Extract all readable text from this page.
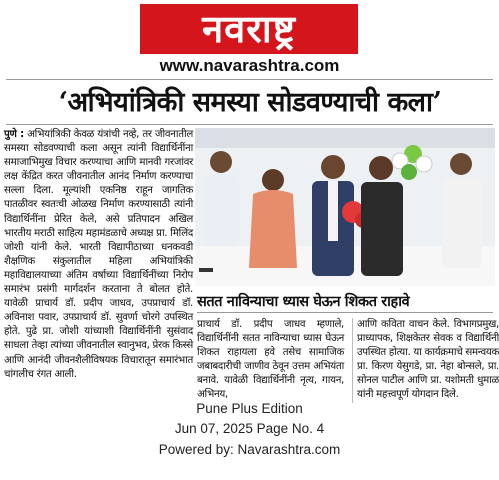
नवराष्ट्र
www.navarashtra.com
‘अभियांत्रिकी समस्या सोडवण्याची कला’
पुणे : अभियांत्रिकी केवळ यंत्रांची नव्हे, तर जीवनातील समस्या सोडवण्याची कला असून त्यांनी विद्यार्थिनींना समाजाभिमुख विचार करण्याचा आणि मानवी गरजांवर लक्ष केंद्रित करत जीवनातील आनंद निर्माण करण्याचा सल्ला दिला. मूल्यांशी एकनिष्ठ राहून जागतिक पातळीवर स्वतःची ओळख निर्माण करण्यासाठी त्यांनी विद्यार्थिनींना प्रेरित केले, असे प्रतिपादन अखिल भारतीय मराठी साहित्य महामंडळाचे अध्यक्ष प्रा. मिलिंद जोशी यांनी केले. भारती विद्यापीठाच्या धनकवडी शैक्षणिक संकुलातील महिला अभियांत्रिकी महाविद्यालयाच्या अंतिम वर्षाच्या विद्यार्थिनींच्या निरोप समारंभ प्रसंगी मार्गदर्शन करताना ते बोलत होते. यावेळी प्राचार्य डॉ. प्रदीप जाधव, उपप्राचार्य डॉ. अविनाश पवार, उपप्राचार्य डॉ. सुवर्णा चोरगे उपस्थित होते. पुढे प्रा. जोशी यांच्याशी विद्यार्थिनींनी सुसंवाद साधला तेव्हा त्यांच्या जीवनातील स्वानुभव, प्रेरक किस्से आणि आनंदी जीवनशैलीविषयक विचारातून समारंभात चांगलीच रंगत आली.
सतत नाविन्याचा ध्यास घेऊन शिकत राहावे
प्राचार्य डॉ. प्रदीप जाधव म्हणाले, विद्यार्थिनींनी सतत नाविन्याचा ध्यास घेऊन शिकत राहायला हवे तसेच सामाजिक जबाबदारीची जाणीव ठेवून उत्तम अभियंता बनावे. यावेळी विद्यार्थिनींनी नृत्य, गायन, अभिनय,
आणि कविता वाचन केले. विभागप्रमुख, प्राध्यापक, शिक्षकेतर सेवक व विद्यार्थिनी उपस्थित होत्या. या कार्यक्रमाचे समन्वयक प्रा. किरण येसुगडे, प्रा. नेहा बोन्सले, प्रा. सोनल पाटील आणि प्रा. यशोमती धुमाळ यांनी महत्त्वपूर्ण योगदान दिले.
Pune Plus Edition
Jun 07, 2025 Page No. 4
Powered by: Navarashtra.com
